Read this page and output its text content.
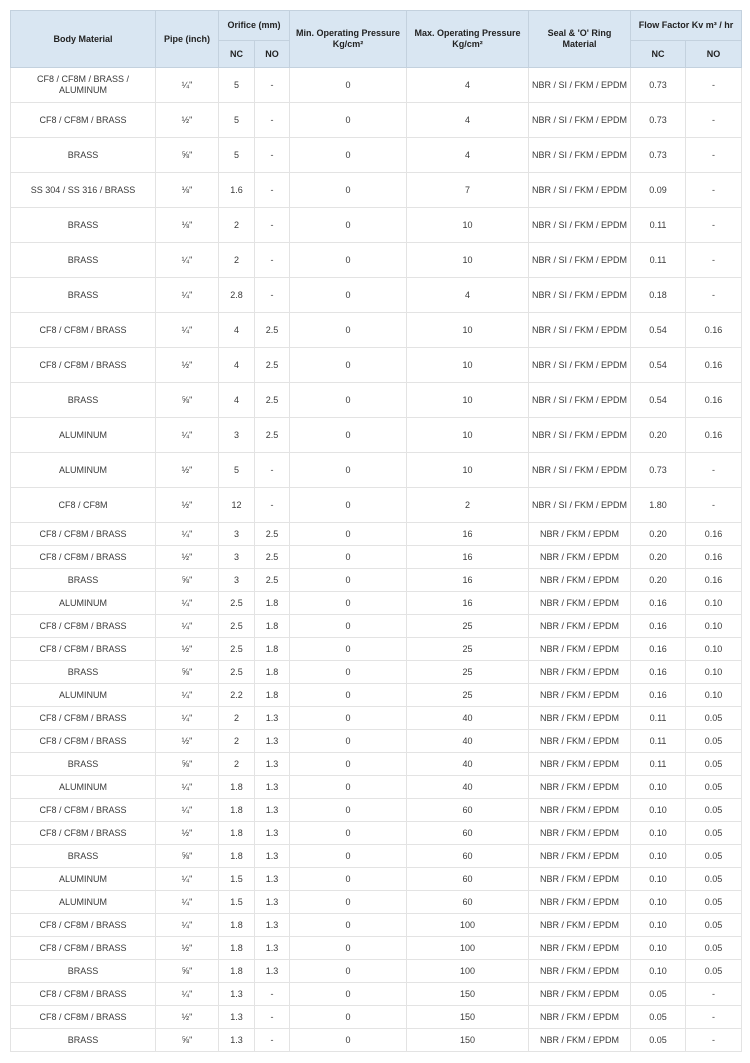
Body Material	Pipe (inch)	Orifice (mm)		Min. Operating Pressure Kg/cm²	Max. Operating Pressure Kg/cm²	Seal & 'O' Ring Material	Flow Factor Kv m³ / hr	
		NC	NO				NC	NO
CF8 / CF8M / BRASS / ALUMINUM	¼"	5	-	0	4	NBR / SI / FKM / EPDM	0.73	-
CF8 / CF8M / BRASS	½"	5	-	0	4	NBR / SI / FKM / EPDM	0.73	-
BRASS	⅝"	5	-	0	4	NBR / SI / FKM / EPDM	0.73	-
SS 304 / SS 316 / BRASS	⅛"	1.6	-	0	7	NBR / SI / FKM / EPDM	0.09	-
BRASS	⅛"	2	-	0	10	NBR / SI / FKM / EPDM	0.11	-
BRASS	¼"	2	-	0	10	NBR / SI / FKM / EPDM	0.11	-
BRASS	¼"	2.8	-	0	4	NBR / SI / FKM / EPDM	0.18	-
CF8 / CF8M / BRASS	¼"	4	2.5	0	10	NBR / SI / FKM / EPDM	0.54	0.16
CF8 / CF8M / BRASS	½"	4	2.5	0	10	NBR / SI / FKM / EPDM	0.54	0.16
BRASS	⅝"	4	2.5	0	10	NBR / SI / FKM / EPDM	0.54	0.16
ALUMINUM	¼"	3	2.5	0	10	NBR / SI / FKM / EPDM	0.20	0.16
ALUMINUM	½"	5	-	0	10	NBR / SI / FKM / EPDM	0.73	-
CF8 / CF8M	½"	12	-	0	2	NBR / SI / FKM / EPDM	1.80	-
CF8 / CF8M / BRASS	¼"	3	2.5	0	16	NBR / FKM / EPDM	0.20	0.16
CF8 / CF8M / BRASS	½"	3	2.5	0	16	NBR / FKM / EPDM	0.20	0.16
BRASS	⅝"	3	2.5	0	16	NBR / FKM / EPDM	0.20	0.16
ALUMINUM	¼"	2.5	1.8	0	16	NBR / FKM / EPDM	0.16	0.10
CF8 / CF8M / BRASS	¼"	2.5	1.8	0	25	NBR / FKM / EPDM	0.16	0.10
CF8 / CF8M / BRASS	½"	2.5	1.8	0	25	NBR / FKM / EPDM	0.16	0.10
BRASS	⅝"	2.5	1.8	0	25	NBR / FKM / EPDM	0.16	0.10
ALUMINUM	¼"	2.2	1.8	0	25	NBR / FKM / EPDM	0.16	0.10
CF8 / CF8M / BRASS	¼"	2	1.3	0	40	NBR / FKM / EPDM	0.11	0.05
CF8 / CF8M / BRASS	½"	2	1.3	0	40	NBR / FKM / EPDM	0.11	0.05
BRASS	⅝"	2	1.3	0	40	NBR / FKM / EPDM	0.11	0.05
ALUMINUM	¼"	1.8	1.3	0	40	NBR / FKM / EPDM	0.10	0.05
CF8 / CF8M / BRASS	¼"	1.8	1.3	0	60	NBR / FKM / EPDM	0.10	0.05
CF8 / CF8M / BRASS	½"	1.8	1.3	0	60	NBR / FKM / EPDM	0.10	0.05
BRASS	⅝"	1.8	1.3	0	60	NBR / FKM / EPDM	0.10	0.05
ALUMINUM	¼"	1.5	1.3	0	60	NBR / FKM / EPDM	0.10	0.05
ALUMINUM	¼"	1.5	1.3	0	60	NBR / FKM / EPDM	0.10	0.05
CF8 / CF8M / BRASS	¼"	1.8	1.3	0	100	NBR / FKM / EPDM	0.10	0.05
CF8 / CF8M / BRASS	½"	1.8	1.3	0	100	NBR / FKM / EPDM	0.10	0.05
BRASS	⅝"	1.8	1.3	0	100	NBR / FKM / EPDM	0.10	0.05
CF8 / CF8M / BRASS	¼"	1.3	-	0	150	NBR / FKM / EPDM	0.05	-
CF8 / CF8M / BRASS	½"	1.3	-	0	150	NBR / FKM / EPDM	0.05	-
BRASS	⅝"	1.3	-	0	150	NBR / FKM / EPDM	0.05	-
